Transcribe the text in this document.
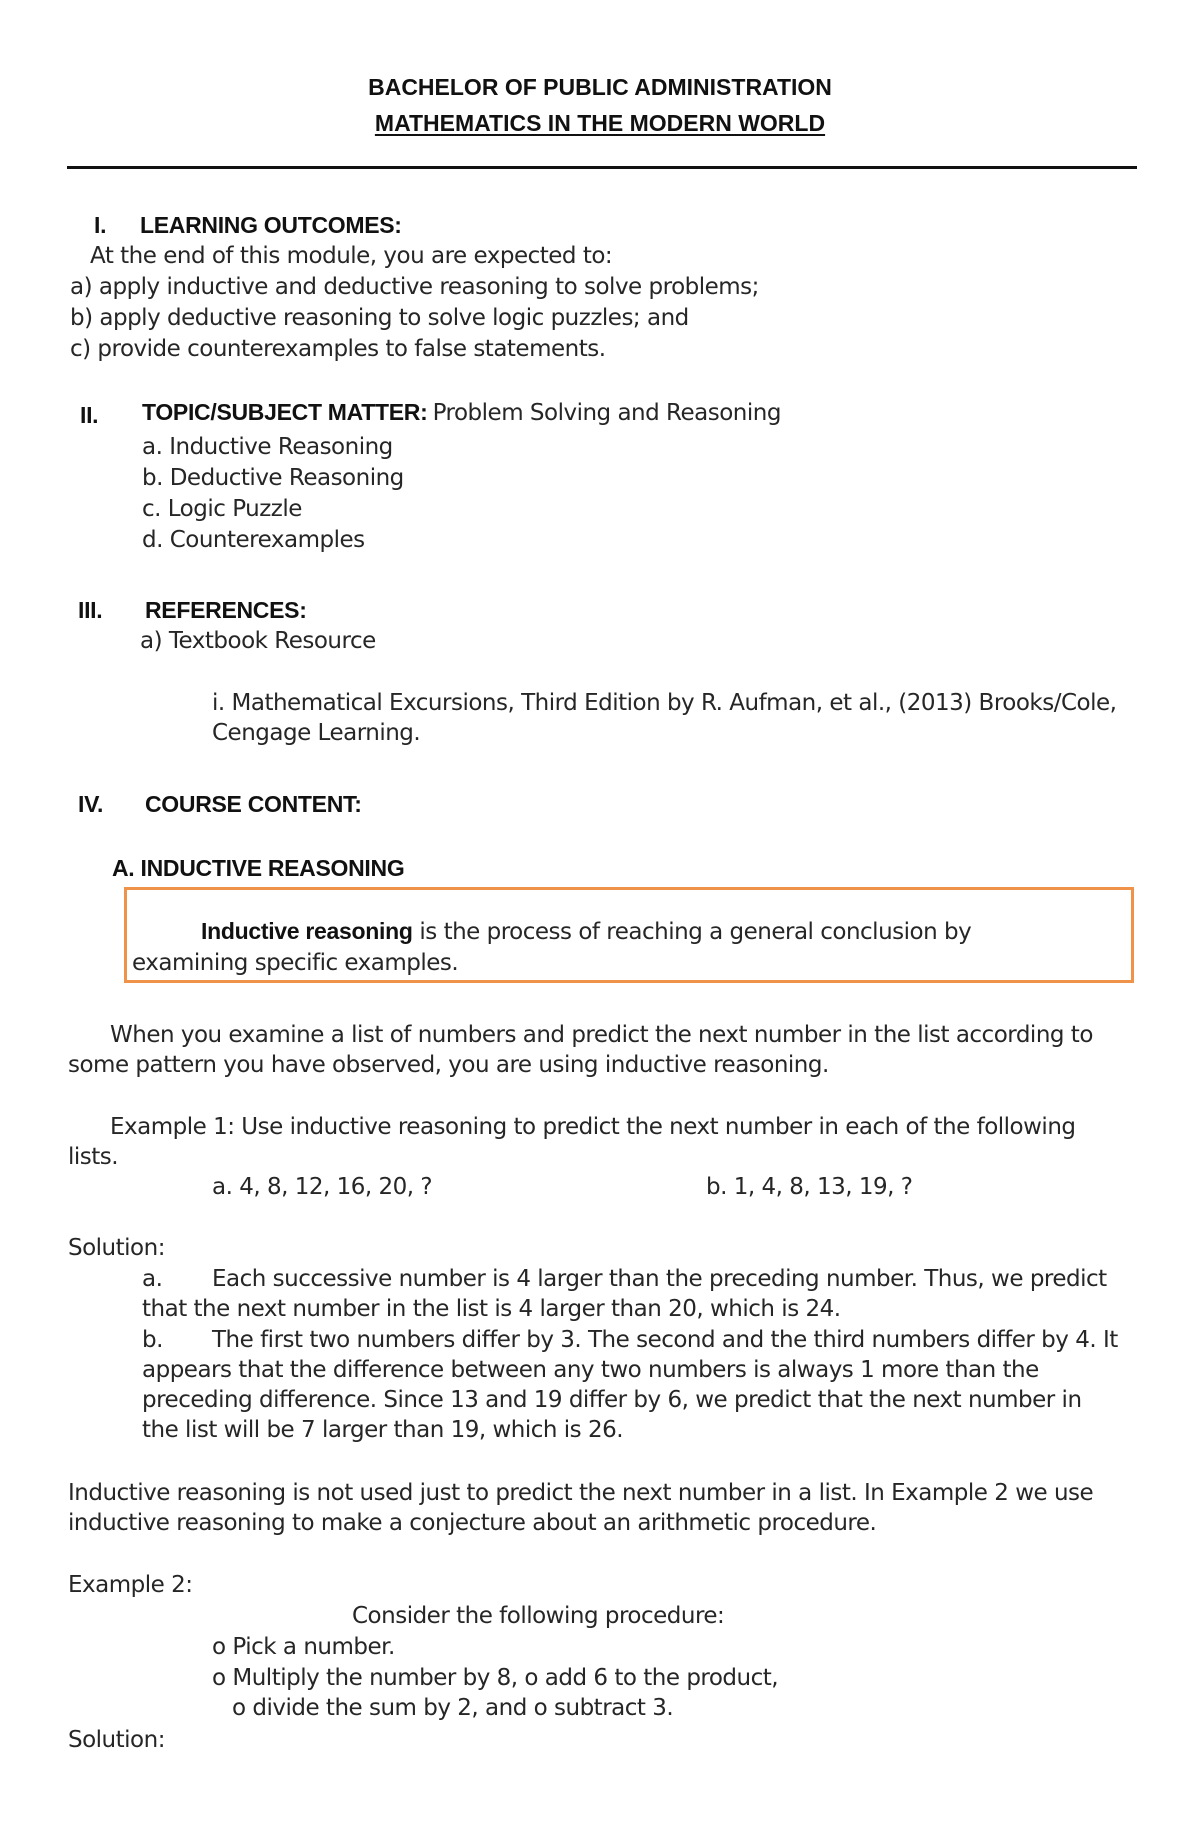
BACHELOR OF PUBLIC ADMINISTRATION
MATHEMATICS IN THE MODERN WORLD
I. LEARNING OUTCOMES:
At the end of this module, you are expected to:
a) apply inductive and deductive reasoning to solve problems;
b) apply deductive reasoning to solve logic puzzles; and
c) provide counterexamples to false statements.
II. TOPIC/SUBJECT MATTER: Problem Solving and Reasoning
a. Inductive Reasoning
b. Deductive Reasoning
c. Logic Puzzle
d. Counterexamples
III. REFERENCES:
a) Textbook Resource
i. Mathematical Excursions, Third Edition by R. Aufman, et al., (2013) Brooks/Cole,
Cengage Learning.
IV. COURSE CONTENT:
A. INDUCTIVE REASONING
Inductive reasoning is the process of reaching a general conclusion by
examining specific examples.
When you examine a list of numbers and predict the next number in the list according to
some pattern you have observed, you are using inductive reasoning.
Example 1: Use inductive reasoning to predict the next number in each of the following
lists.
a. 4, 8, 12, 16, 20, ?	b. 1, 4, 8, 13, 19, ?
Solution:
a. Each successive number is 4 larger than the preceding number. Thus, we predict
that the next number in the list is 4 larger than 20, which is 24.
b. The first two numbers differ by 3. The second and the third numbers differ by 4. It
appears that the difference between any two numbers is always 1 more than the
preceding difference. Since 13 and 19 differ by 6, we predict that the next number in
the list will be 7 larger than 19, which is 26.
Inductive reasoning is not used just to predict the next number in a list. In Example 2 we use
inductive reasoning to make a conjecture about an arithmetic procedure.
Example 2:
Consider the following procedure:
o Pick a number.
o Multiply the number by 8, o add 6 to the product,
o divide the sum by 2, and o subtract 3.
Solution:
